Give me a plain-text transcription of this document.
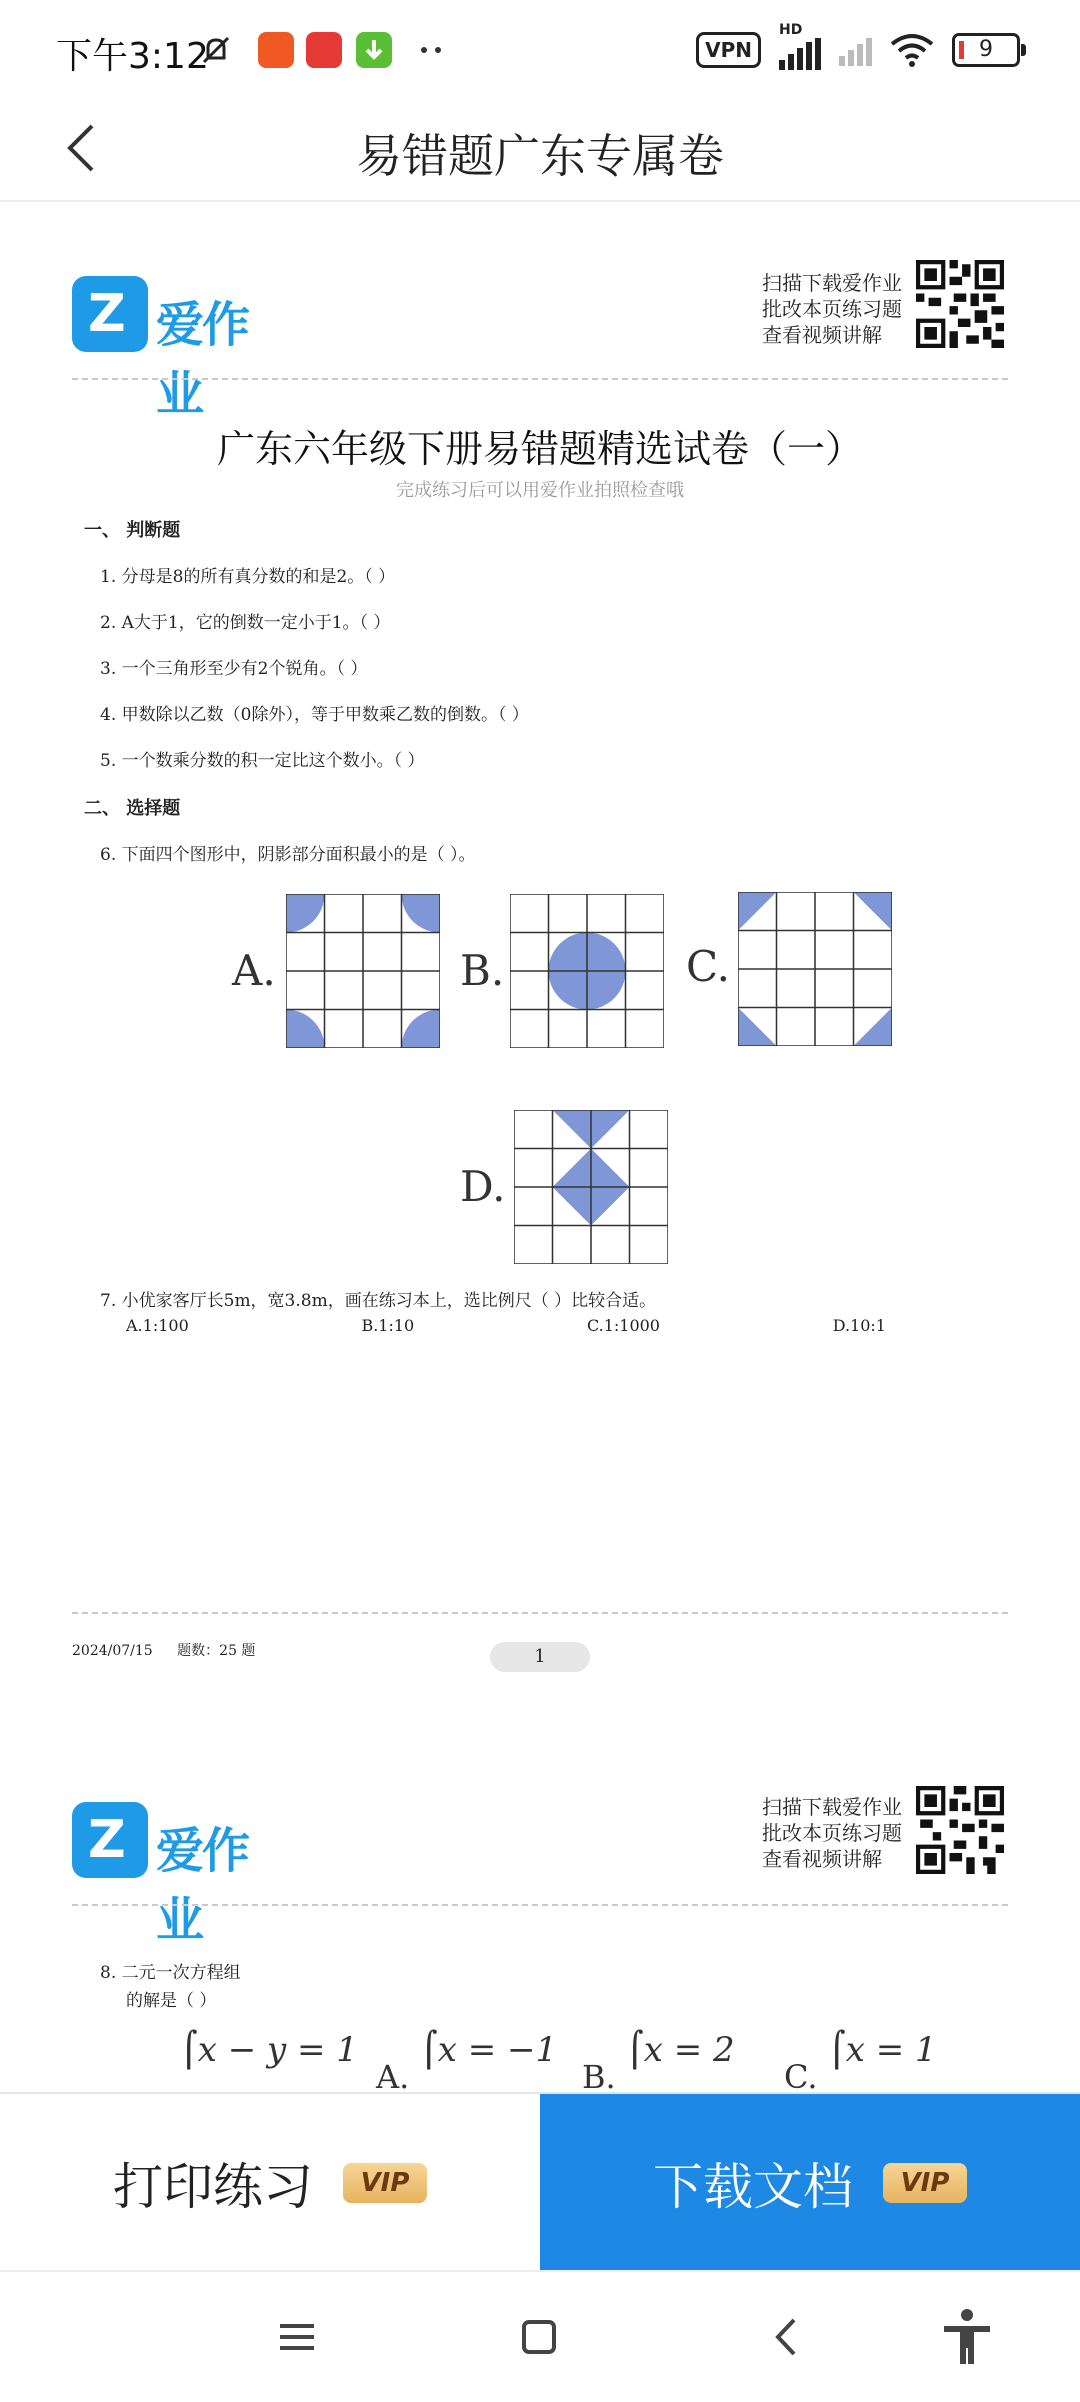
下午3:12	VPN
HD
9
易错题广东专属卷
Z 爱作业
扫描下载爱作业
批改本页练习题
查看视频讲解
广东六年级下册易错题精选试卷（一）
完成练习后可以用爱作业拍照检查哦
一、 判断题
1. 分母是8的所有真分数的和是2。（ ）
2. A大于1，它的倒数一定小于1。（ ）
3. 一个三角形至少有2个锐角。（ ）
4. 甲数除以乙数（0除外），等于甲数乘乙数的倒数。（ ）
5. 一个数乘分数的积一定比这个数小。（ ）
二、 选择题
6. 下面四个图形中，阴影部分面积最小的是（ ）。
A.	B.	C.
D.
7. 小优家客厅长5m，宽3.8m，画在练习本上，选比例尺（ ）比较合适。
A.1:100	B.1:10	C.1:1000	D.10:1
2024/07/15 题数：25 题	1
Z 爱作业
扫描下载爱作业
批改本页练习题
查看视频讲解
8. 二元一次方程组
的解是（ ）
⌠x − y = 1
A.
⌠x = −1
B.
⌠x = 2
C.
⌠x = 1
打印练习	VIP	下载文档	VIP
